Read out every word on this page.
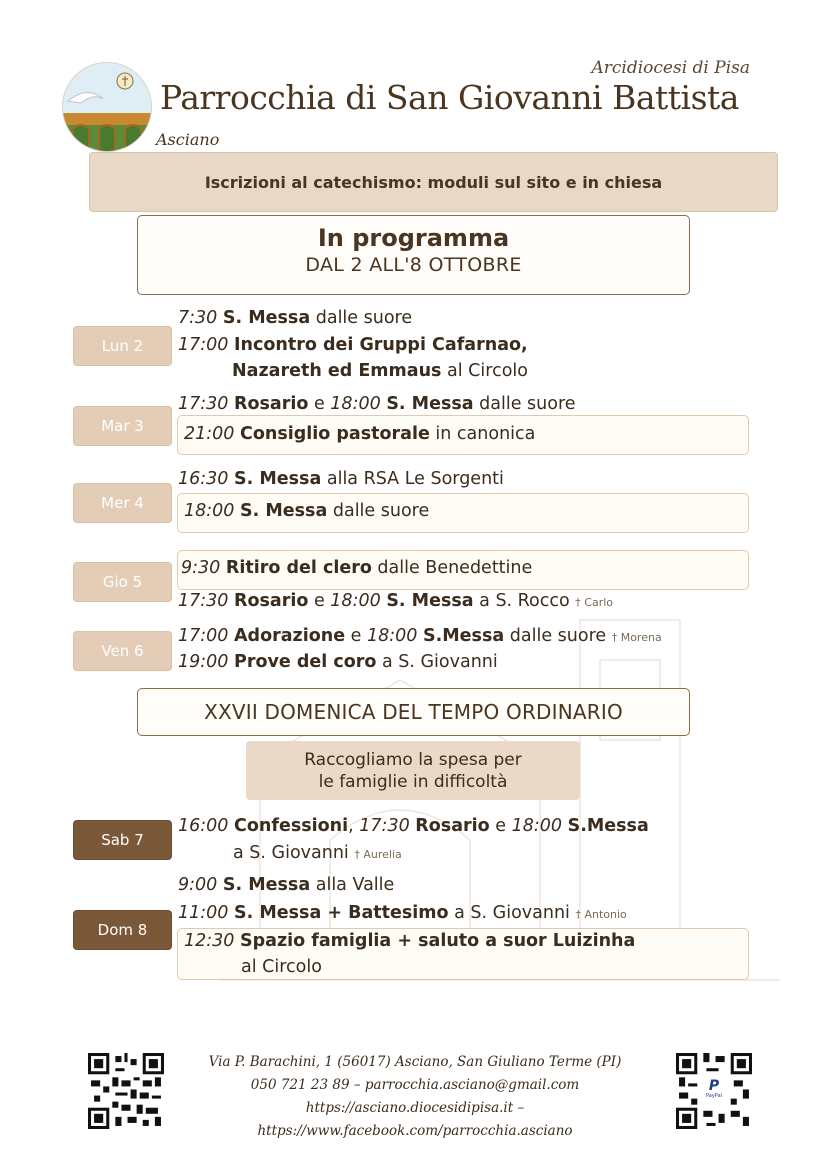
Arcidiocesi di Pisa
Parrocchia di San Giovanni Battista
Asciano
Iscrizioni al catechismo: moduli sul sito e in chiesa
In programma
DAL 2 ALL'8 OTTOBRE
Lun 2
7:30 S. Messa dalle suore
17:00 Incontro dei Gruppi Cafarnao,
Nazareth ed Emmaus al Circolo
Mar 3
17:30 Rosario e 18:00 S. Messa dalle suore
21:00 Consiglio pastorale in canonica
Mer 4
16:30 S. Messa alla RSA Le Sorgenti
18:00 S. Messa dalle suore
Gio 5
9:30 Ritiro del clero dalle Benedettine
17:30 Rosario e 18:00 S. Messa a S. Rocco † Carlo
Ven 6
17:00 Adorazione e 18:00 S.Messa dalle suore † Morena
19:00 Prove del coro a S. Giovanni
XXVII DOMENICA DEL TEMPO ORDINARIO
Raccogliamo la spesa per
le famiglie in difficoltà
Sab 7
16:00 Confessioni, 17:30 Rosario e 18:00 S.Messa
a S. Giovanni † Aurelia
Dom 8
9:00 S. Messa alla Valle
11:00 S. Messa + Battesimo a S. Giovanni † Antonio
12:30 Spazio famiglia + saluto a suor Luizinha
al Circolo
Via P. Barachini, 1 (56017) Asciano, San Giuliano Terme (PI)
050 721 23 89 – parrocchia.asciano@gmail.com
https://asciano.diocesidipisa.it – https://www.facebook.com/parrocchia.asciano
P
PayPal
